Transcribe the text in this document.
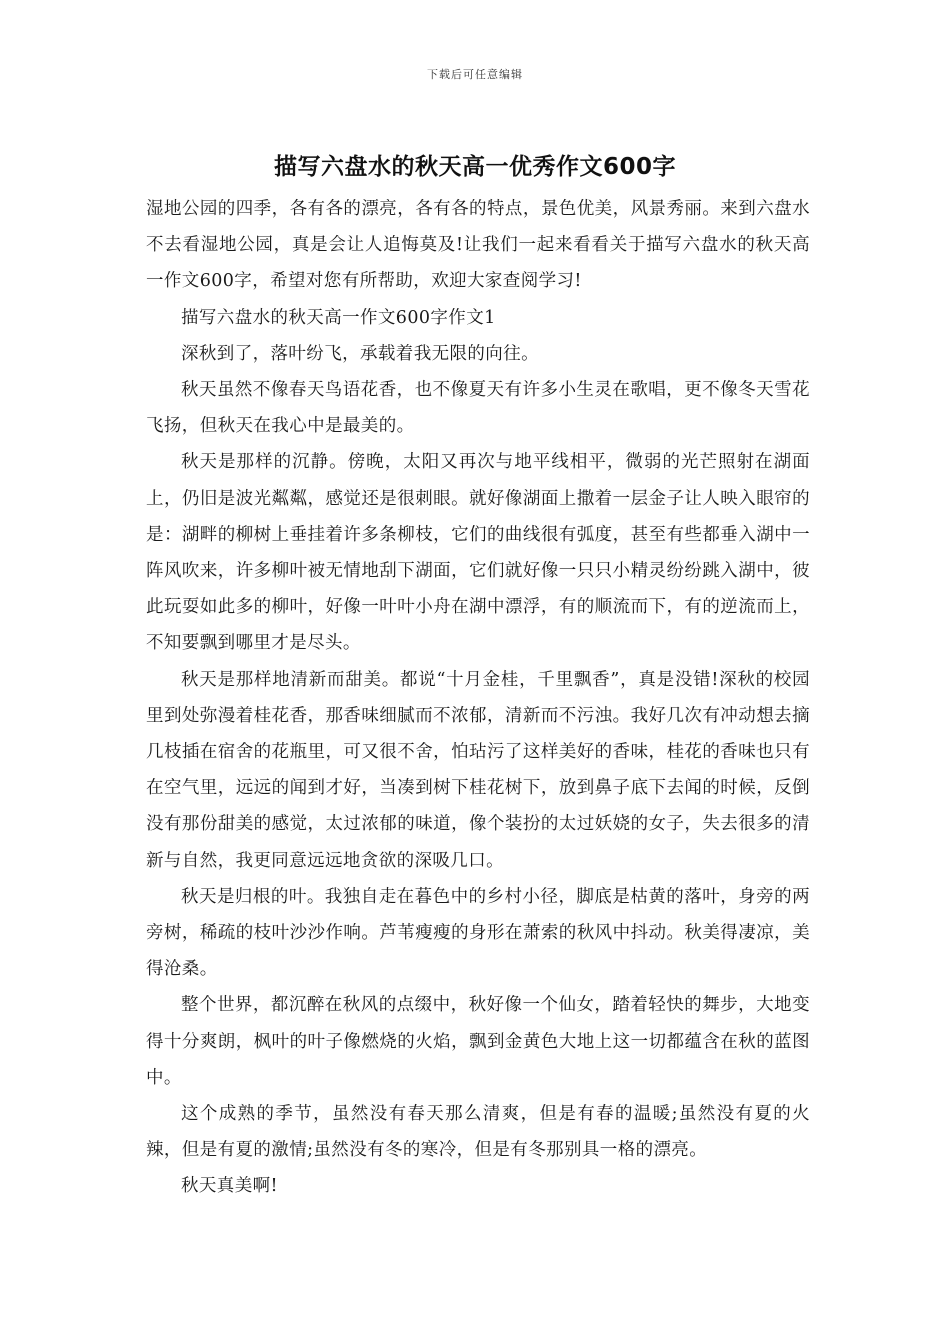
下载后可任意编辑
描写六盘水的秋天高一优秀作文600字

湿地公园的四季，各有各的漂亮，各有各的特点，景色优美，风景秀丽。来到六盘水不去看湿地公园，真是会让人追悔莫及!让我们一起来看看关于描写六盘水的秋天高一作文600字，希望对您有所帮助，欢迎大家查阅学习!

描写六盘水的秋天高一作文600字作文1

深秋到了，落叶纷飞，承载着我无限的向往。

秋天虽然不像春天鸟语花香，也不像夏天有许多小生灵在歌唱，更不像冬天雪花飞扬，但秋天在我心中是最美的。

秋天是那样的沉静。傍晚，太阳又再次与地平线相平，微弱的光芒照射在湖面上，仍旧是波光粼粼，感觉还是很刺眼。就好像湖面上撒着一层金子让人映入眼帘的是：湖畔的柳树上垂挂着许多条柳枝，它们的曲线很有弧度，甚至有些都垂入湖中一阵风吹来，许多柳叶被无情地刮下湖面，它们就好像一只只小精灵纷纷跳入湖中，彼此玩耍如此多的柳叶，好像一叶叶小舟在湖中漂浮，有的顺流而下，有的逆流而上，不知要飘到哪里才是尽头。

秋天是那样地清新而甜美。都说“十月金桂，千里飘香”，真是没错!深秋的校园里到处弥漫着桂花香，那香味细腻而不浓郁，清新而不污浊。我好几次有冲动想去摘几枝插在宿舍的花瓶里，可又很不舍，怕玷污了这样美好的香味，桂花的香味也只有在空气里，远远的闻到才好，当凑到树下桂花树下，放到鼻子底下去闻的时候，反倒没有那份甜美的感觉，太过浓郁的味道，像个装扮的太过妖娆的女子，失去很多的清新与自然，我更同意远远地贪欲的深吸几口。

秋天是归根的叶。我独自走在暮色中的乡村小径，脚底是枯黄的落叶，身旁的两旁树，稀疏的枝叶沙沙作响。芦苇瘦瘦的身形在萧索的秋风中抖动。秋美得凄凉，美得沧桑。

整个世界，都沉醉在秋风的点缀中，秋好像一个仙女，踏着轻快的舞步，大地变得十分爽朗，枫叶的叶子像燃烧的火焰，飘到金黄色大地上这一切都蕴含在秋的蓝图中。

这个成熟的季节，虽然没有春天那么清爽，但是有春的温暖;虽然没有夏的火辣，但是有夏的激情;虽然没有冬的寒冷，但是有冬那别具一格的漂亮。

秋天真美啊!
